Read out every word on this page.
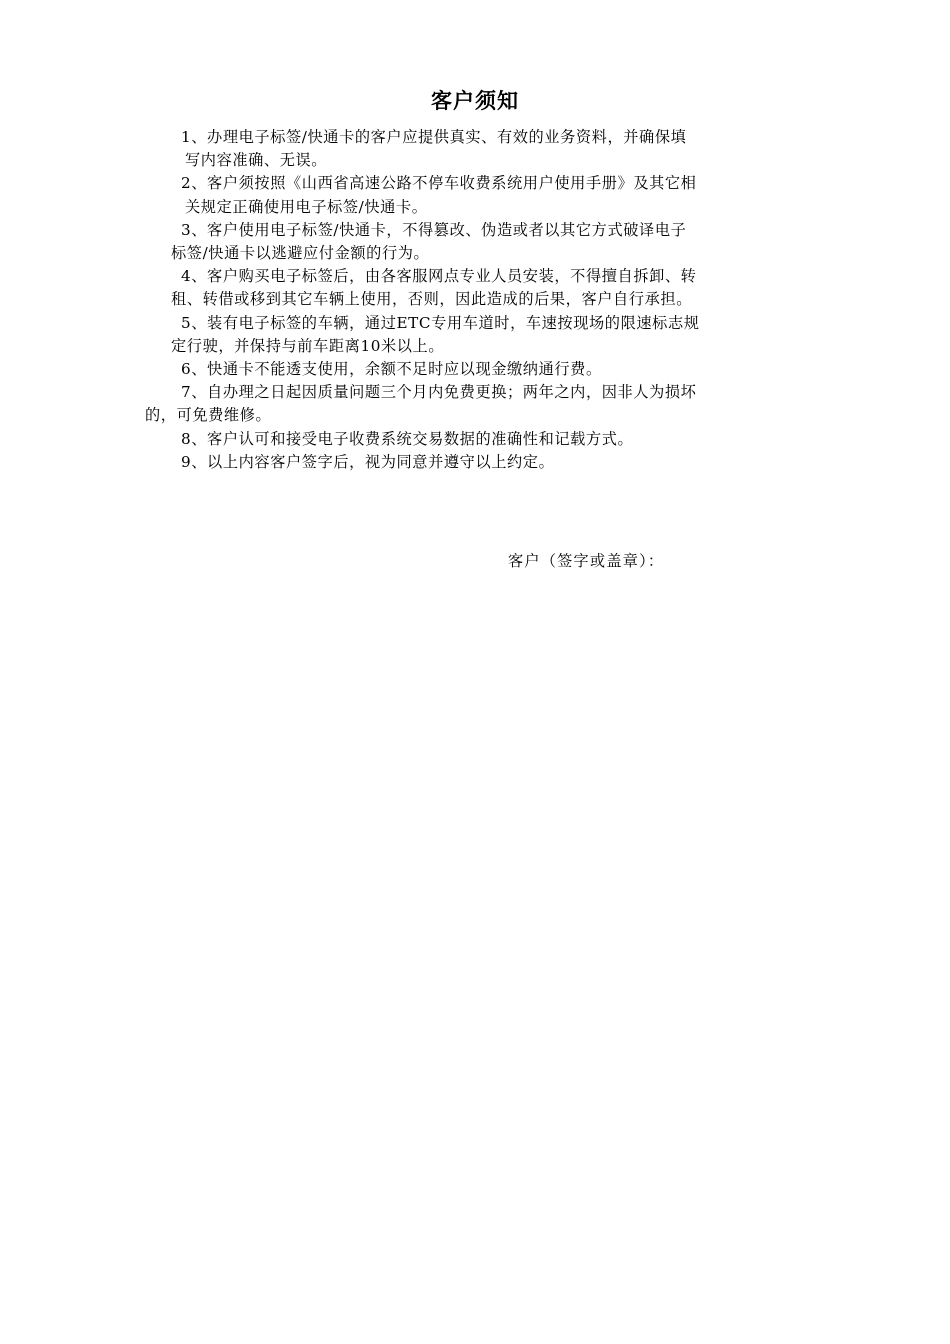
客户须知
1、办理电子标签/快通卡的客户应提供真实、有效的业务资料，并确保填
写内容准确、无误。
2、客户须按照《山西省高速公路不停车收费系统用户使用手册》及其它相
关规定正确使用电子标签/快通卡。
3、客户使用电子标签/快通卡，不得篡改、伪造或者以其它方式破译电子
标签/快通卡以逃避应付金额的行为。
4、客户购买电子标签后，由各客服网点专业人员安装，不得擅自拆卸、转
租、转借或移到其它车辆上使用，否则，因此造成的后果，客户自行承担。
5、装有电子标签的车辆，通过ETC专用车道时，车速按现场的限速标志规
定行驶，并保持与前车距离10米以上。
6、快通卡不能透支使用，余额不足时应以现金缴纳通行费。
7、自办理之日起因质量问题三个月内免费更换；两年之内，因非人为损坏
的，可免费维修。
8、客户认可和接受电子收费系统交易数据的准确性和记载方式。
9、以上内容客户签字后，视为同意并遵守以上约定。
客户（签字或盖章）：
